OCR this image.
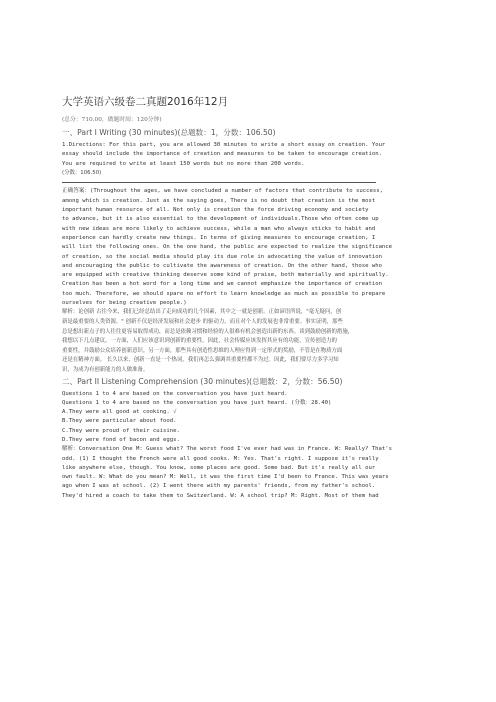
大学英语六级卷二真题2016年12月
(总分：710.00，做题时间：120分钟)
一、Part I Writing (30 minutes)(总题数：1，分数：106.50)
1.Directions: For this part, you are allowed 30 minutes to write a short essay on creation. Your
essay should include the importance of creation and measures to be taken to encourage creation.
You are required to write at least 150 words but no more than 200 words.
(分数：106.50)
正确答案：(Throughout the ages, we have concluded a number of factors that contribute to success,
among which is creation. Just as the saying goes, There is no doubt that creation is the most
important human resource of all. Not only is creation the force driving economy and society
to advance, but it is also essential to the development of individuals.Those who often come up
with new ideas are more likely to achieve success, while a man who always sticks to habit and
experience can hardly create new things. In terms of giving measures to encourage creation, I
will list the following ones. On the one hand, the public are expected to realize the significance
of creation, so the social media should play its due role in advocating the value of innovation
and encouraging the public to cultivate the awareness of creation. On the other hand, those who
are equipped with creative thinking deserve some kind of praise, both materially and spiritually.
Creation has been a hot word for a long time and we cannot emphasize the importance of creation
too much. Therefore, we should spare no effort to learn knowledge as much as possible to prepare
ourselves for being creative people.)
解析：论创新 古往今来，我们已经总结出了走向成功的几个因素，其中之一就是创新。正如谚语所说，"毫无疑问，创
新是最重要的人类资源。" 创新不仅是经济发展和社会进步 的驱动力，而且对个人的发展也非常重要。事实证明，那些
总是想出新点子的人往往更容易取得成功，而总是依赖习惯和经验的人很难有机会创造出新的东西。谈到鼓励创新的措施，
我想以下几点建议。一方面，人们应该意识到创新的重要性，因此，社会传媒应该发挥其应有的功能，宣传创造力的
重要性，并鼓励公众培养创新意识。另一方面，那些具有创造性思维的人理应得到一定形式的奖励，不管是在物质方面
还是在精神方面。 长久以来，创新一直是一个热词，我们再怎么强调其重要性都不为过。因此，我们要尽力多学习知
识，为成为有创新能力的人做准备。
二、Part II Listening Comprehension (30 minutes)(总题数：2，分数：56.50)
Questions 1 to 4 are based on the conversation you have just heard.
Questions 1 to 4 are based on the conversation you have just heard. (分数：28.40)
A.They were all good at cooking. √
B.They were particular about food.
C.They were proud of their cuisine.
D.They were fond of bacon and eggs.
解析：Conversation One M: Guess what? The worst food I've ever had was in France. W: Really? That's
odd. (1) I thought the French were all good cooks. M: Yes. That's right. I suppose it's really
like anywhere else, though. You know, some places are good. Some bad. But it's really all our
own fault. W: What do you mean? M: Well, it was the first time I'd been to France. This was years
ago when I was at school. (2) I went there with my parents' friends, from my father's school.
They'd hired a coach to take them to Switzerland. W: A school trip? M: Right. Most of them had
